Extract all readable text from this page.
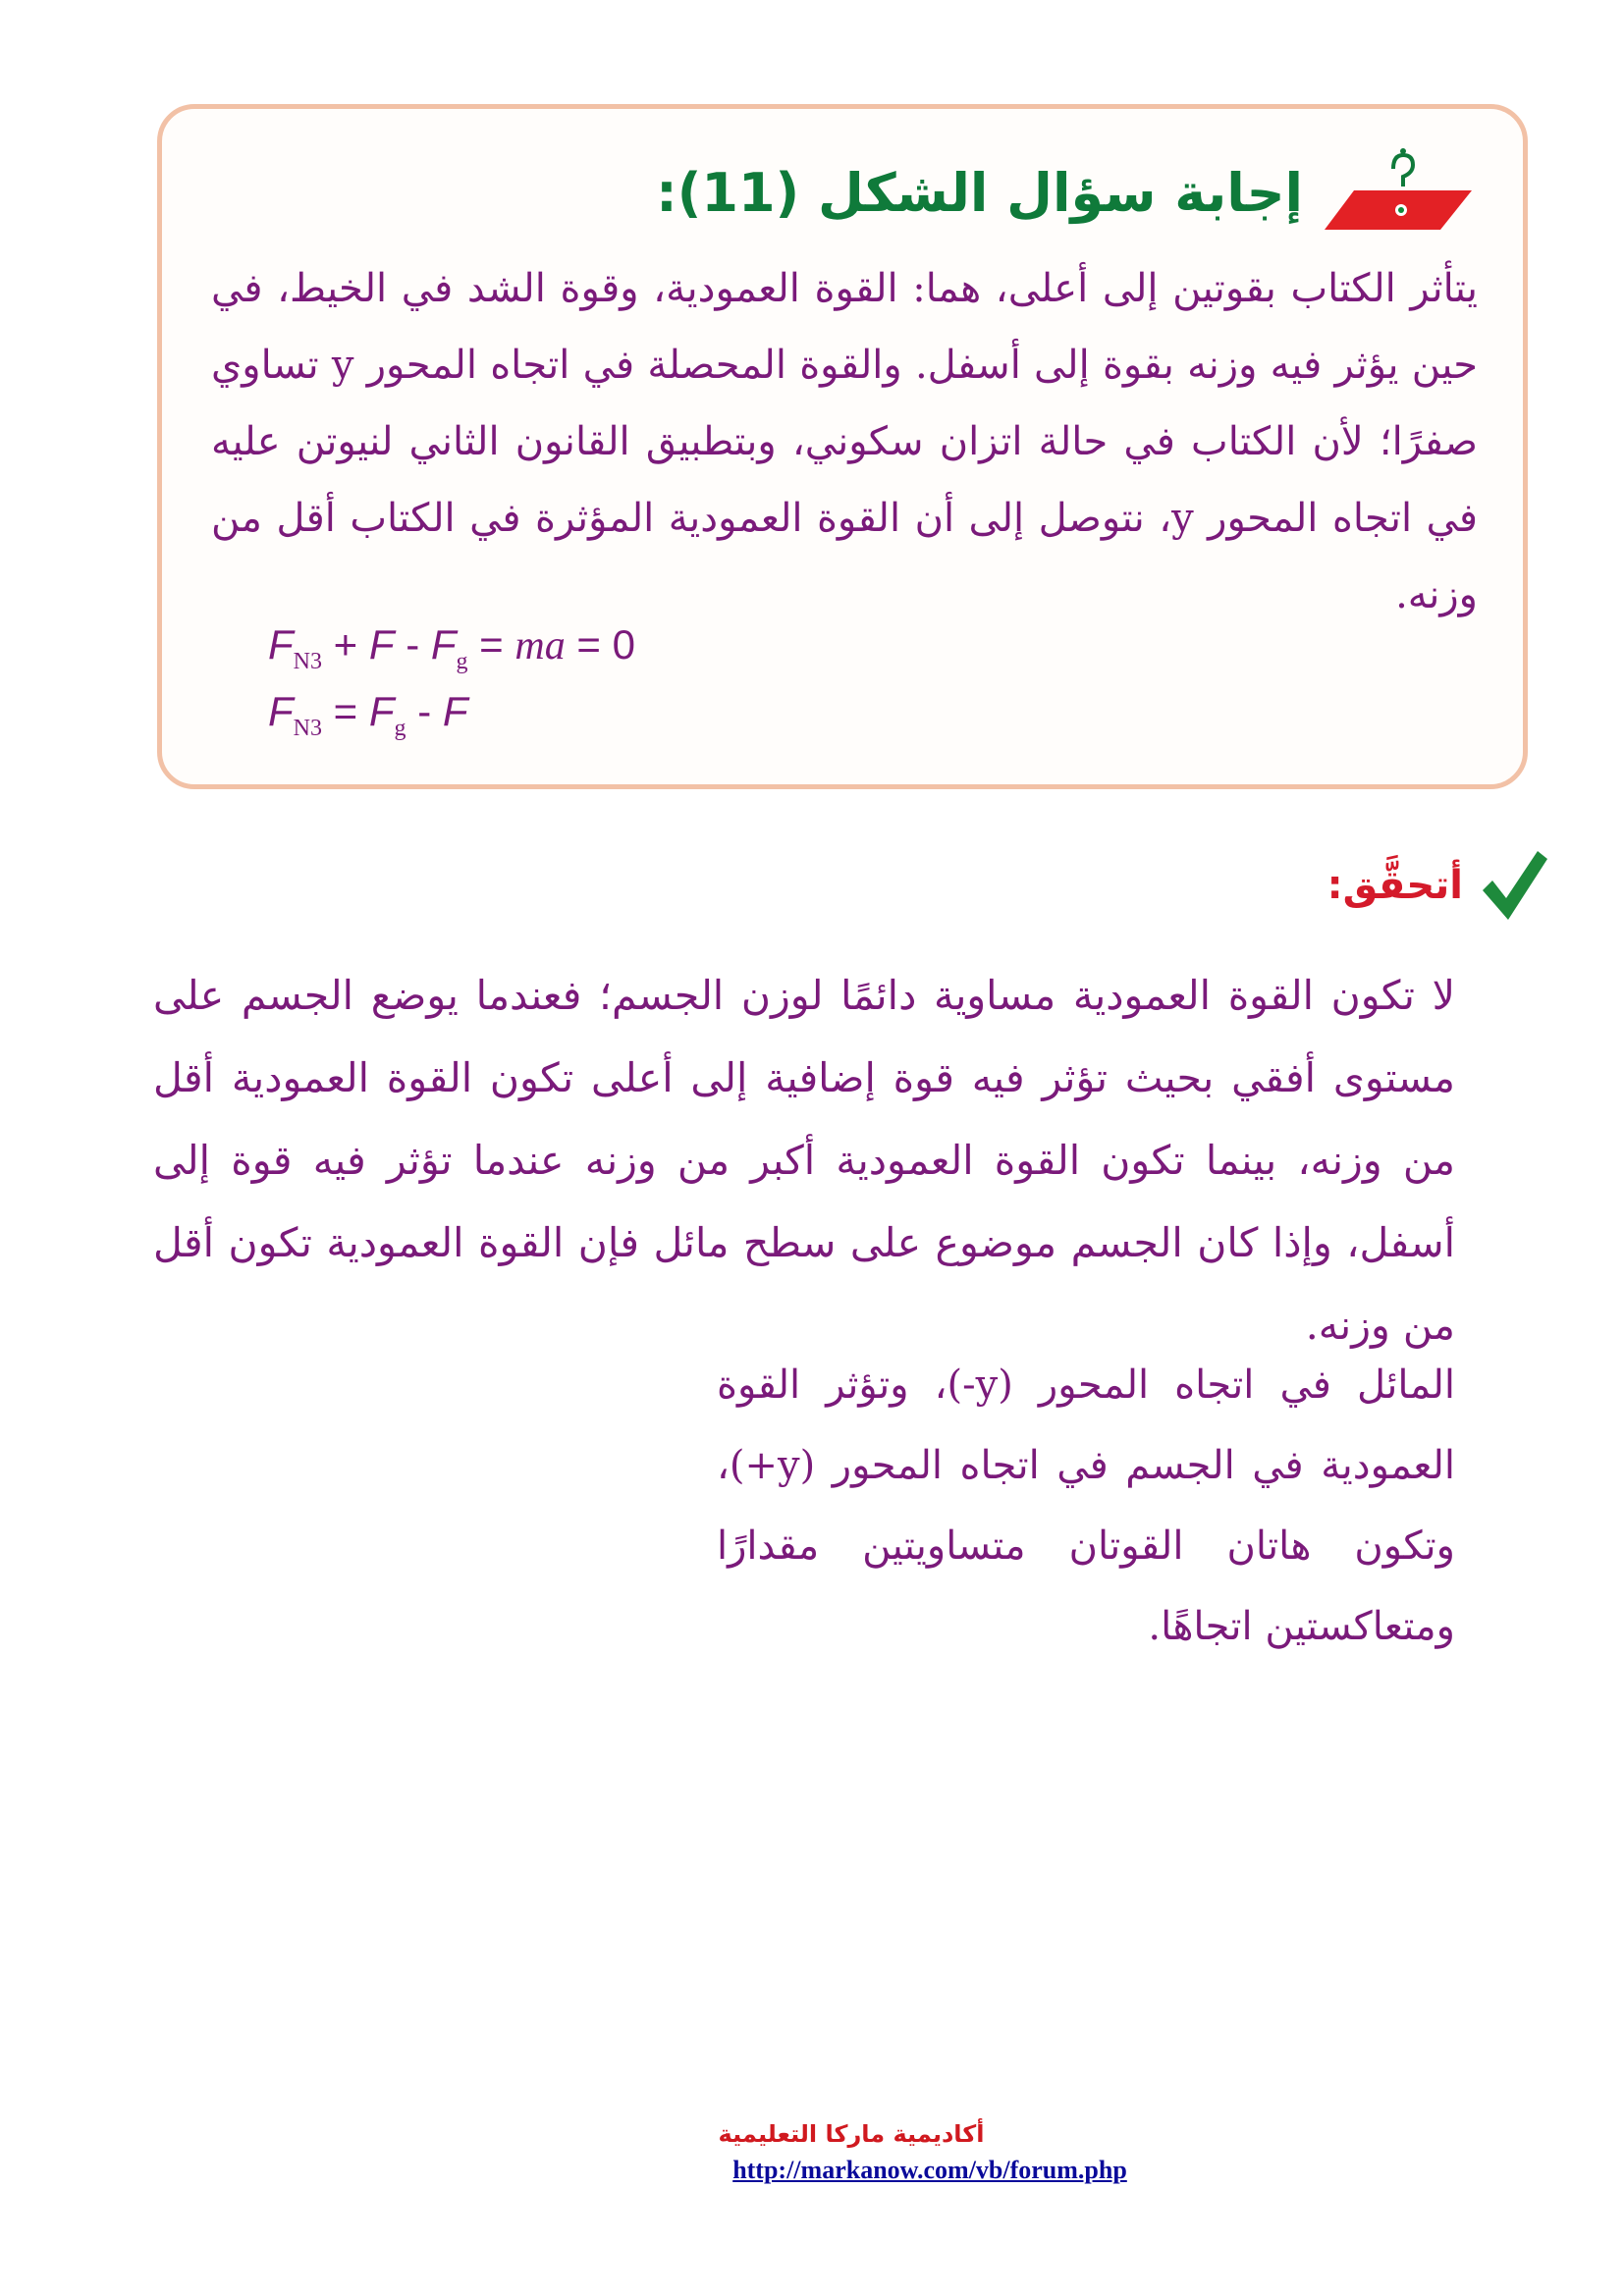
إجابة سؤال الشكل (11):
يتأثر الكتاب بقوتين إلى أعلى، هما: القوة العمودية، وقوة الشد في الخيط، في حين يؤثر فيه وزنه بقوة إلى أسفل. والقوة المحصلة في اتجاه المحور y تساوي صفرًا؛ لأن الكتاب في حالة اتزان سكوني، وبتطبيق القانون الثاني لنيوتن عليه في اتجاه المحور y، نتوصل إلى أن القوة العمودية المؤثرة في الكتاب أقل من وزنه.
$F_{N3} + F - F_g$ = ma = 0
$F_{N3} = F_g - F$
أتحقَّق:
لا تكون القوة العمودية مساوية دائمًا لوزن الجسم؛ فعندما يوضع الجسم على مستوى أفقي بحيث تؤثر فيه قوة إضافية إلى أعلى تكون القوة العمودية أقل من وزنه، بينما تكون القوة العمودية أكبر من وزنه عندما تؤثر فيه قوة إلى أسفل، وإذا كان الجسم موضوع على سطح مائل فإن القوة العمودية تكون أقل من وزنه.
المائل في اتجاه المحور (y-)، وتؤثر القوة العمودية في الجسم في اتجاه المحور (y+)، وتكون هاتان القوتان متساويتين مقدارًا ومتعاكستين اتجاهًا.
أكاديمية ماركا التعليمية
http://markanow.com/vb/forum.php
